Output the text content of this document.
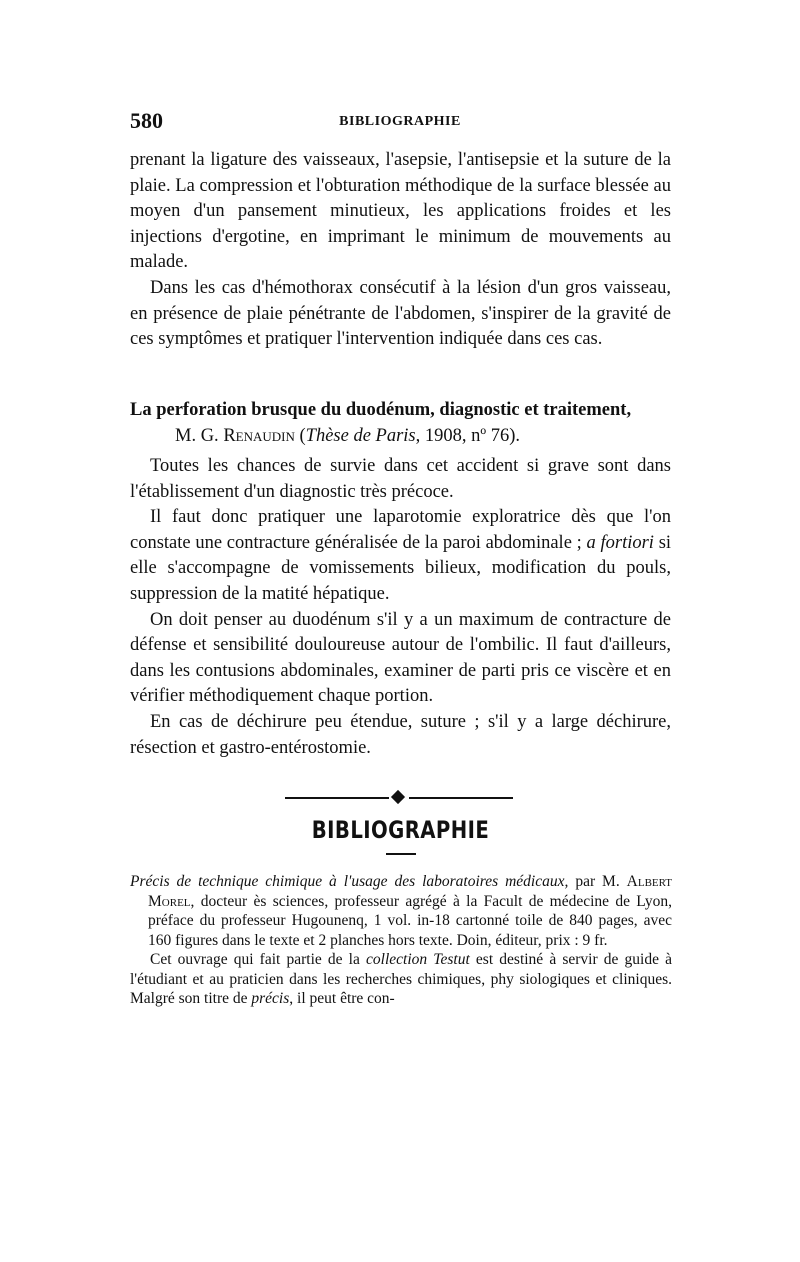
580	BIBLIOGRAPHIE

prenant la ligature des vaisseaux, l'asepsie, l'antisepsie et la suture de la plaie. La compression et l'obturation méthodique de la surface blessée au moyen d'un pansement minutieux, les applications froides et les injections d'ergotine, en imprimant le minimum de mouvements au malade.

Dans les cas d'hémothorax consécutif à la lésion d'un gros vaisseau, en présence de plaie pénétrante de l'abdomen, s'inspirer de la gravité de ces symptômes et pratiquer l'intervention indiquée dans ces cas.

La perforation brusque du duodénum, diagnostic et traitement,
M. G. Renaudin (Thèse de Paris, 1908, nº 76).

Toutes les chances de survie dans cet accident si grave sont dans l'établissement d'un diagnostic très précoce.

Il faut donc pratiquer une laparotomie exploratrice dès que l'on constate une contracture généralisée de la paroi abdominale ; a fortiori si elle s'accompagne de vomissements bilieux, modification du pouls, suppression de la matité hépatique.

On doit penser au duodénum s'il y a un maximum de contracture de défense et sensibilité douloureuse autour de l'ombilic. Il faut d'ailleurs, dans les contusions abdominales, examiner de parti pris ce viscère et en vérifier méthodiquement chaque portion.

En cas de déchirure peu étendue, suture ; s'il y a large déchirure, résection et gastro-entérostomie.

BIBLIOGRAPHIE

Précis de technique chimique à l'usage des laboratoires médicaux, par M. Albert Morel, docteur ès sciences, professeur agrégé à la Facult de médecine de Lyon, préface du professeur Hugounenq, 1 vol. in-18 cartonné toile de 840 pages, avec 160 figures dans le texte et 2 planches hors texte. Doin, éditeur, prix : 9 fr.

Cet ouvrage qui fait partie de la collection Testut est destiné à servir de guide à l'étudiant et au praticien dans les recherches chimiques, phy siologiques et cliniques. Malgré son titre de précis, il peut être con-
